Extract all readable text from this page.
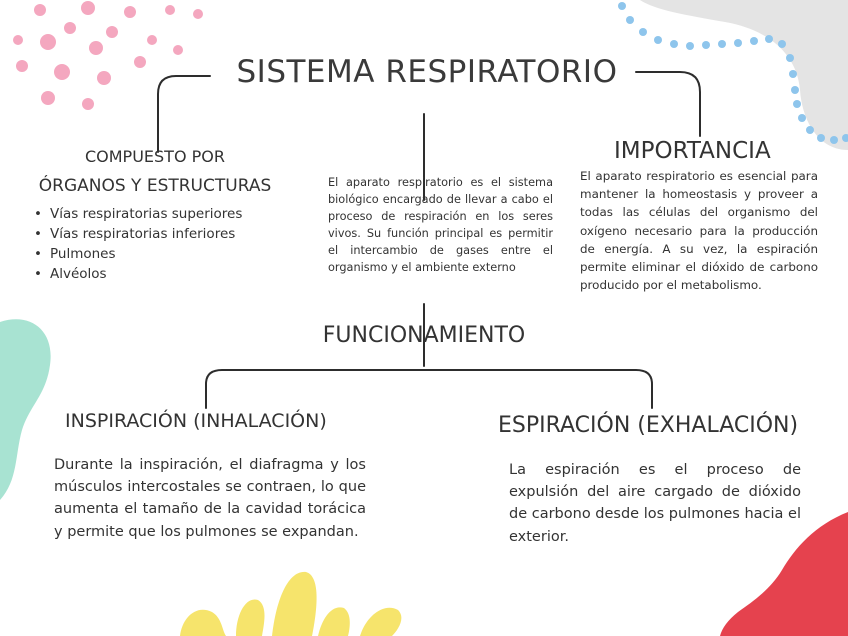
SISTEMA RESPIRATORIO
COMPUESTO POR
ÓRGANOS Y ESTRUCTURAS
• Vías respiratorias superiores
• Vías respiratorias inferiores
• Pulmones
• Alvéolos
El aparato respiratorio es el sistema biológico encargado de llevar a cabo el proceso de respiración en los seres vivos. Su función principal es permitir el intercambio de gases entre el organismo y el ambiente externo
IMPORTANCIA
El aparato respiratorio es esencial para mantener la homeostasis y proveer a todas las células del organismo del oxígeno necesario para la producción de energía. A su vez, la espiración permite eliminar el dióxido de carbono producido por el metabolismo.
FUNCIONAMIENTO
INSPIRACIÓN (INHALACIÓN)
Durante la inspiración, el diafragma y los músculos intercostales se contraen, lo que aumenta el tamaño de la cavidad torácica y permite que los pulmones se expandan.
ESPIRACIÓN (EXHALACIÓN)
La espiración es el proceso de expulsión del aire cargado de dióxido de carbono desde los pulmones hacia el exterior.
